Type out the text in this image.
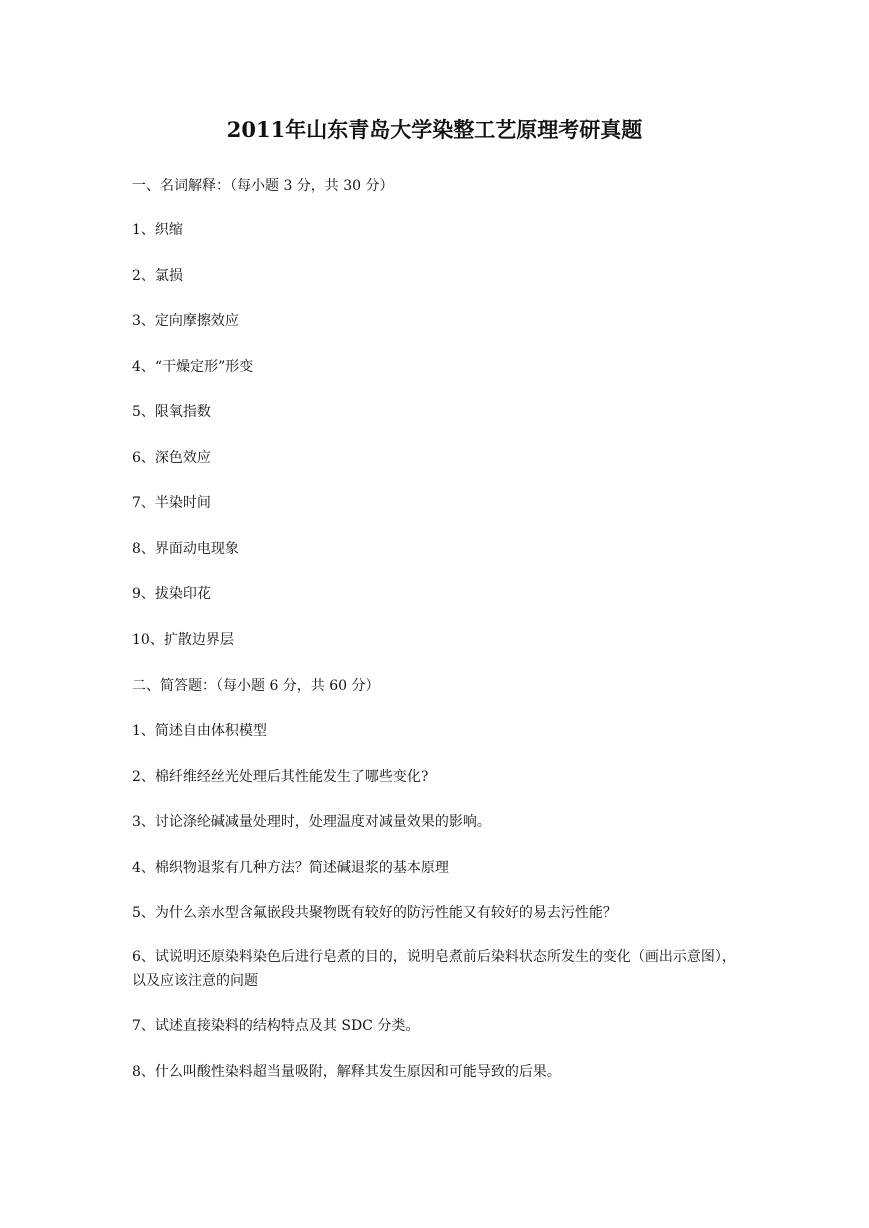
2011年山东青岛大学染整工艺原理考研真题
一、名词解释：（每小题 3 分，共 30 分）
1、织缩
2、氯损
3、定向摩擦效应
4、“干燥定形”形变
5、限氧指数
6、深色效应
7、半染时间
8、界面动电现象
9、拔染印花
10、扩散边界层
二、简答题：（每小题 6 分，共 60 分）
1、简述自由体积模型
2、棉纤维经丝光处理后其性能发生了哪些变化?
3、讨论涤纶碱减量处理时，处理温度对减量效果的影响。
4、棉织物退浆有几种方法？简述碱退浆的基本原理
5、为什么亲水型含氟嵌段共聚物既有较好的防污性能又有较好的易去污性能？
6、试说明还原染料染色后进行皂煮的目的，说明皂煮前后染料状态所发生的变化（画出示意图），以及应该注意的问题
7、试述直接染料的结构特点及其 SDC 分类。
8、什么叫酸性染料超当量吸附，解释其发生原因和可能导致的后果。
